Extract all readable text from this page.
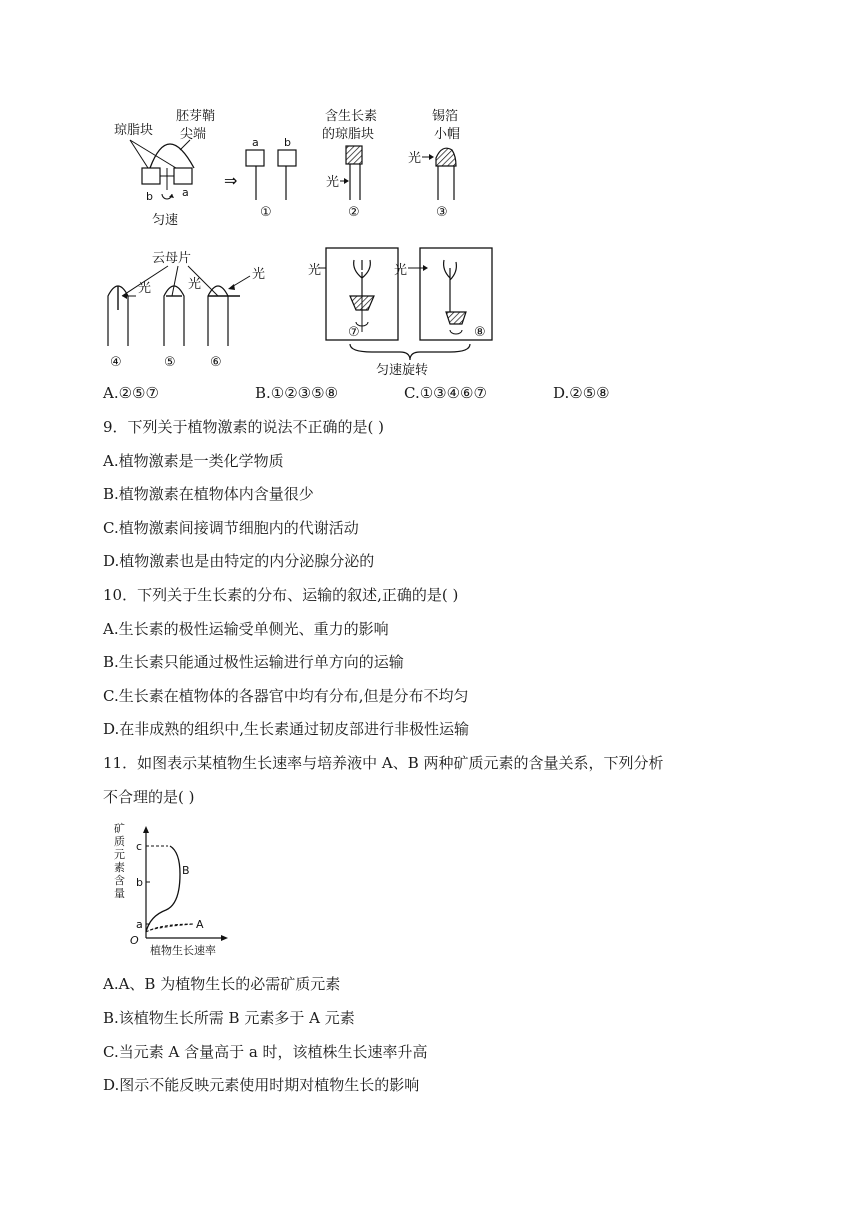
琼脂块
胚芽鞘
尖端
b	a
匀速
⇒
a b
①
含生长素
的琼脂块
光
②
锡箔
小帽
光
③
云母片
光	光
光
④	⑤	⑥
光
⑦
光
⑧
匀速旋转
A.②⑤⑦	B.①②③⑤⑧	C.①③④⑥⑦	D.②⑤⑧
9．下列关于植物激素的说法不正确的是( )
A.植物激素是一类化学物质
B.植物激素在植物体内含量很少
C.植物激素间接调节细胞内的代谢活动
D.植物激素也是由特定的内分泌腺分泌的
10．下列关于生长素的分布、运输的叙述,正确的是( )
A.生长素的极性运输受单侧光、重力的影响
B.生长素只能通过极性运输进行单方向的运输
C.生长素在植物体的各器官中均有分布,但是分布不均匀
D.在非成熟的组织中,生长素通过韧皮部进行非极性运输
11．如图表示某植物生长速率与培养液中 A、B 两种矿质元素的含量关系，下列分析
不合理的是( )
矿质元素含量
O
a
b
c
B
A
植物生长速率
A.A、B 为植物生长的必需矿质元素
B.该植物生长所需 B 元素多于 A 元素
C.当元素 A 含量高于 a 时，该植株生长速率升高
D.图示不能反映元素使用时期对植物生长的影响
